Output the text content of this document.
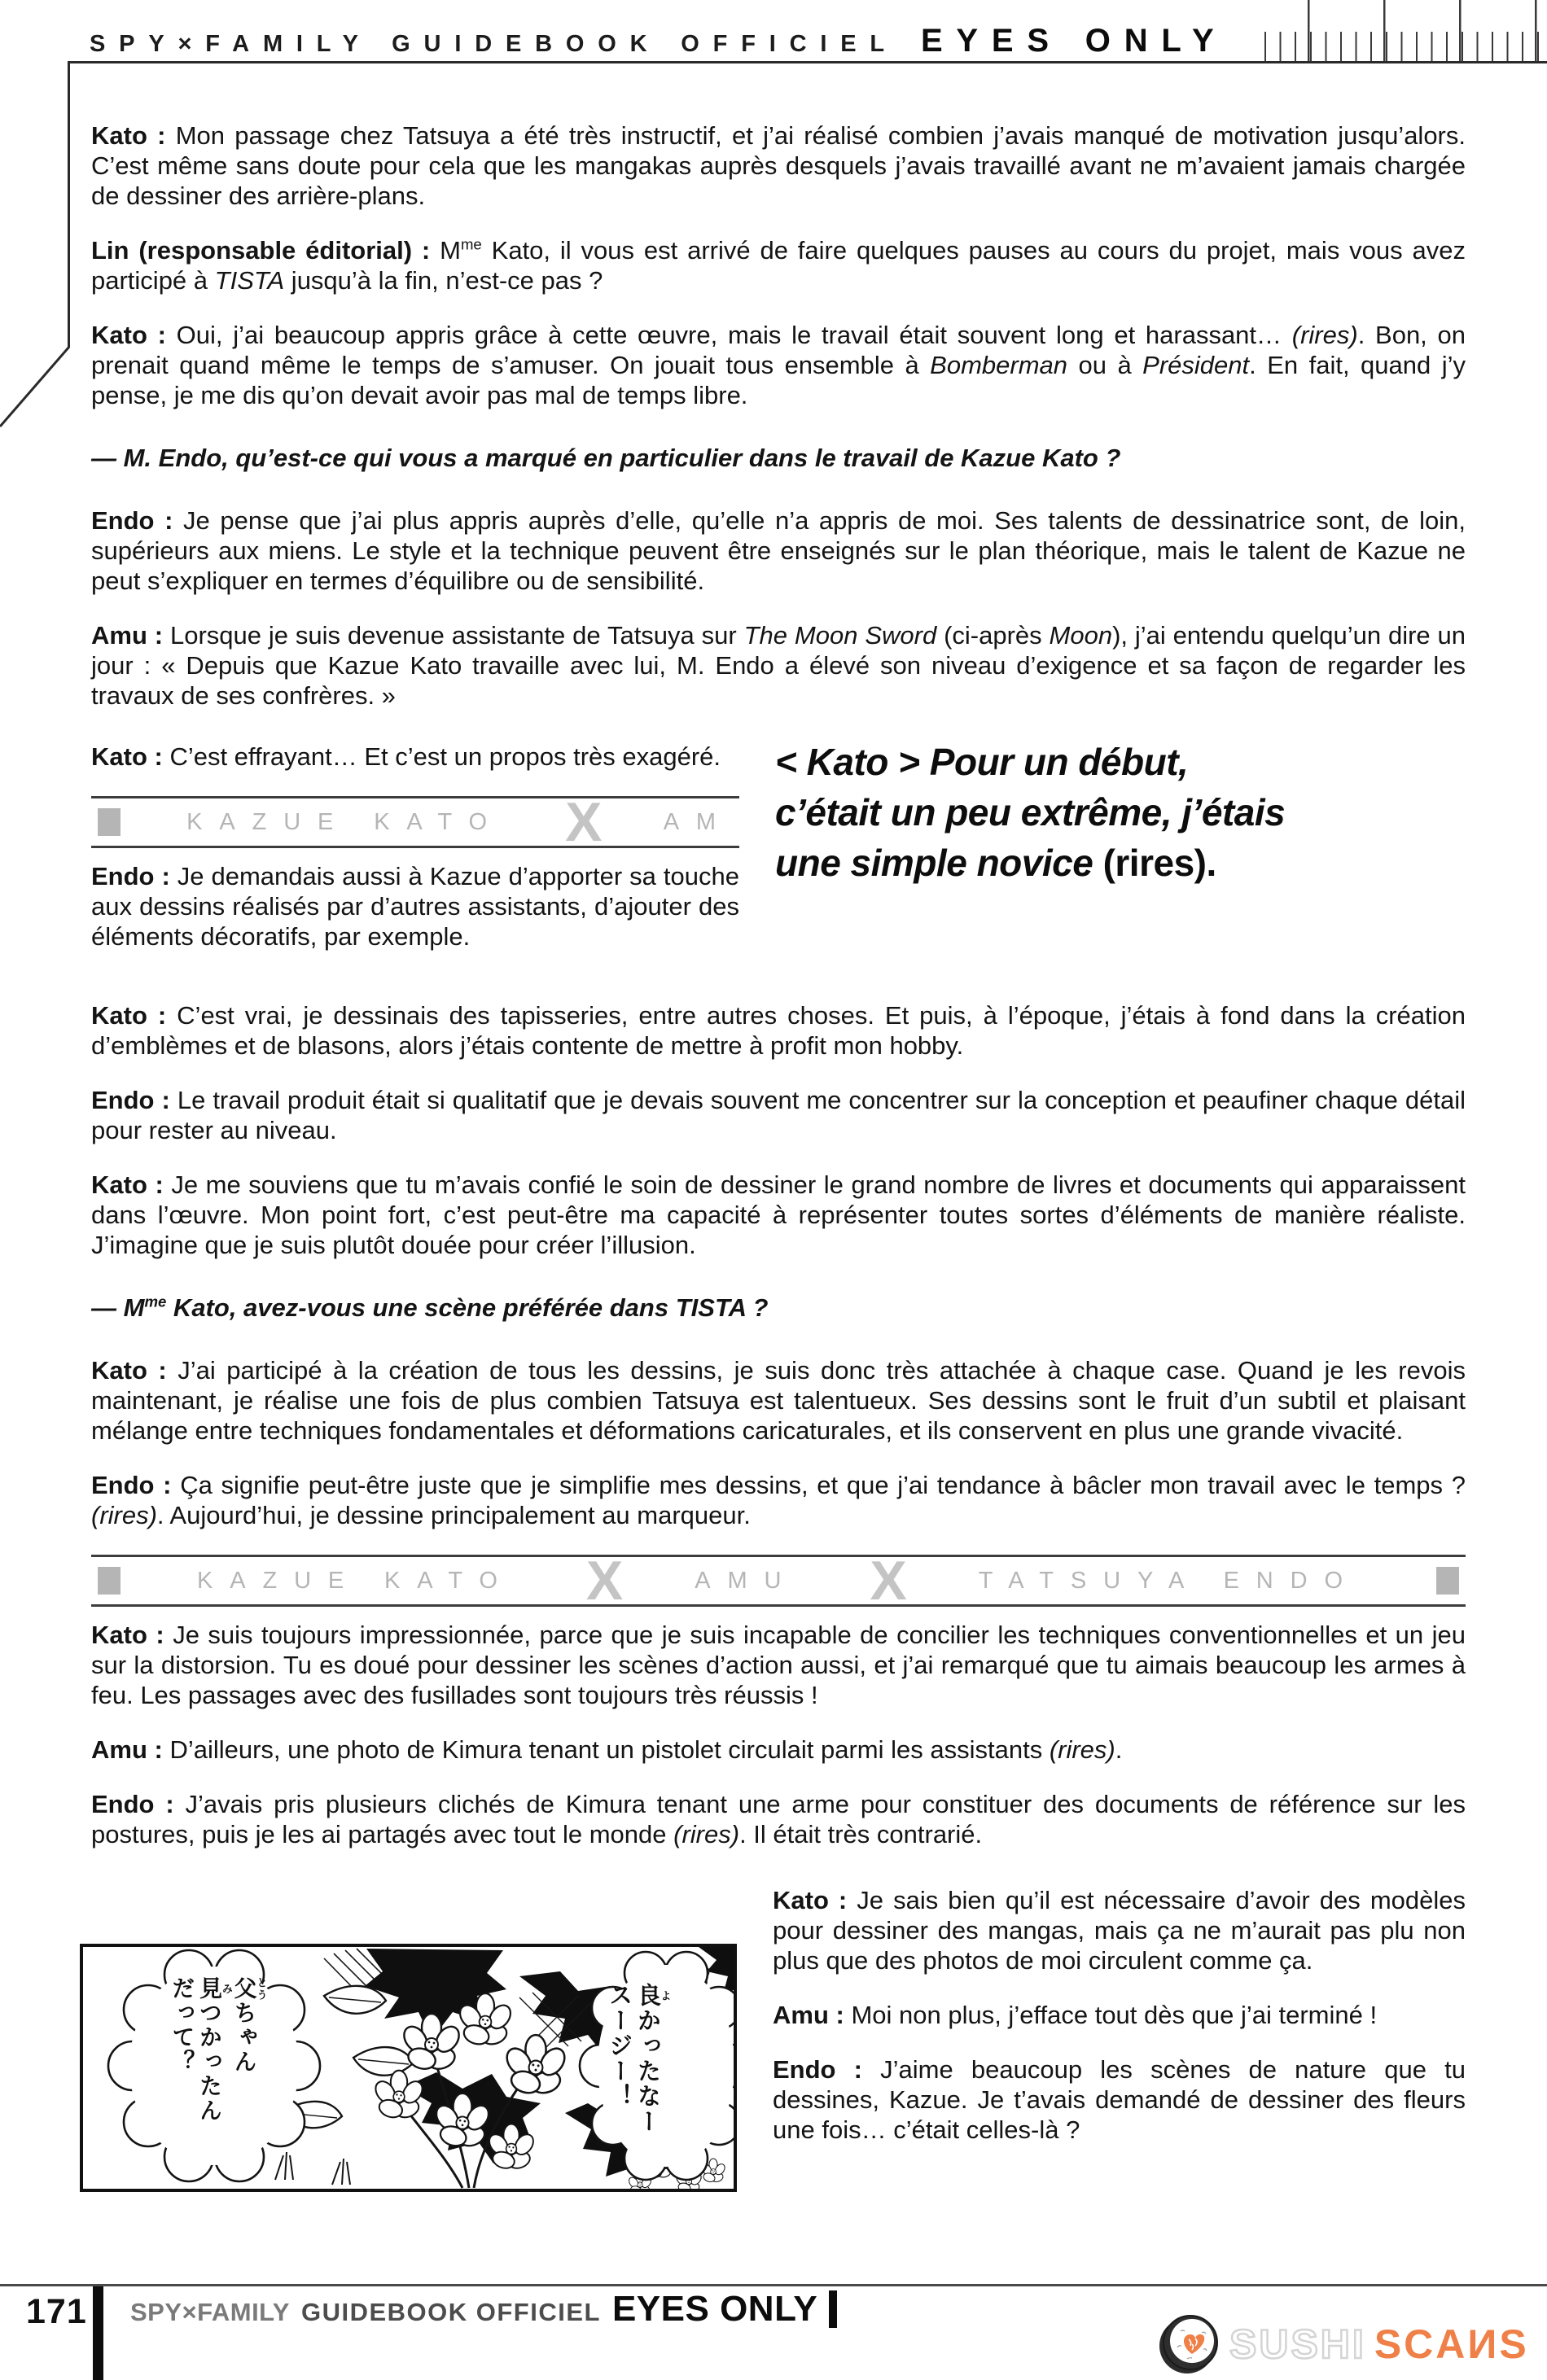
SPY×FAMILY GUIDEBOOK OFFICIEL EYES ONLY

Kato : Mon passage chez Tatsuya a été très instructif, et j’ai réalisé combien j’avais manqué de motivation jusqu’alors. C’est même sans doute pour cela que les mangakas auprès desquels j’avais travaillé avant ne m’avaient jamais chargée de dessiner des arrière-plans.

Lin (responsable éditorial) : $M^{me}$ Kato, il vous est arrivé de faire quelques pauses au cours du projet, mais vous avez participé à TISTA jusqu’à la fin, n’est-ce pas ?

Kato : Oui, j’ai beaucoup appris grâce à cette œuvre, mais le travail était souvent long et harassant… (rires). Bon, on prenait quand même le temps de s’amuser. On jouait tous ensemble à Bomberman ou à Président. En fait, quand j’y pense, je me dis qu’on devait avoir pas mal de temps libre.

— M. Endo, qu’est-ce qui vous a marqué en particulier dans le travail de Kazue Kato ?

Endo : Je pense que j’ai plus appris auprès d’elle, qu’elle n’a appris de moi. Ses talents de dessinatrice sont, de loin, supérieurs aux miens. Le style et la technique peuvent être enseignés sur le plan théorique, mais le talent de Kazue ne peut s’expliquer en termes d’équilibre ou de sensibilité.

Amu : Lorsque je suis devenue assistante de Tatsuya sur The Moon Sword (ci-après Moon), j’ai entendu quelqu’un dire un jour : « Depuis que Kazue Kato travaille avec lui, M. Endo a élevé son niveau d’exigence et sa façon de regarder les travaux de ses confrères. »

Kato : C’est effrayant… Et c’est un propos très exagéré.

KAZUE KATO X	AM

Endo : Je demandais aussi à Kazue d’apporter sa touche aux dessins réalisés par d’autres assistants, d’ajouter des éléments décoratifs, par exemple.

< Kato > Pour un début,
c’était un peu extrême, j’étais
une simple novice (rires).

Kato : C’est vrai, je dessinais des tapisseries, entre autres choses. Et puis, à l’époque, j’étais à fond dans la création d’emblèmes et de blasons, alors j’étais contente de mettre à profit mon hobby.

Endo : Le travail produit était si qualitatif que je devais souvent me concentrer sur la conception et peaufiner chaque détail pour rester au niveau.

Kato : Je me souviens que tu m’avais confié le soin de dessiner le grand nombre de livres et documents qui apparaissent dans l’œuvre. Mon point fort, c’est peut-être ma capacité à représenter toutes sortes d’éléments de manière réaliste. J’imagine que je suis plutôt douée pour créer l’illusion.

— $M^{me}$ Kato, avez-vous une scène préférée dans TISTA ?

Kato : J’ai participé à la création de tous les dessins, je suis donc très attachée à chaque case. Quand je les revois maintenant, je réalise une fois de plus combien Tatsuya est talentueux. Ses dessins sont le fruit d’un subtil et plaisant mélange entre techniques fondamentales et déformations caricaturales, et ils conservent en plus une grande vivacité.

Endo : Ça signifie peut-être juste que je simplifie mes dessins, et que j’ai tendance à bâcler mon travail avec le temps ? (rires). Aujourd’hui, je dessine principalement au marqueur.

KAZUE KATO X	AMU X	TATSUYA ENDO

Kato : Je suis toujours impressionnée, parce que je suis incapable de concilier les techniques conventionnelles et un jeu sur la distorsion. Tu es doué pour dessiner les scènes d’action aussi, et j’ai remarqué que tu aimais beaucoup les armes à feu. Les passages avec des fusillades sont toujours très réussis !

Amu : D’ailleurs, une photo de Kimura tenant un pistolet circulait parmi les assistants (rires).

Endo : J’avais pris plusieurs clichés de Kimura tenant une arme pour constituer des documents de référence sur les postures, puis je les ai partagés avec tout le monde (rires). Il était très contrarié.

父とうちゃん
見みつかったん
だって？	良よかったなー
スージー！

Kato : Je sais bien qu’il est nécessaire d’avoir des modèles pour dessiner des mangas, mais ça ne m’aurait pas plu non plus que des photos de moi circulent comme ça.

Amu : Moi non plus, j’efface tout dès que j’ai terminé !

Endo : J’aime beaucoup les scènes de nature que tu dessines, Kazue. Je t’avais demandé de dessiner des fleurs une fois… c’était celles-là ?

171 SPY×FAMILY GUIDEBOOK OFFICIEL EYES ONLY
SUSHI SCAИS
